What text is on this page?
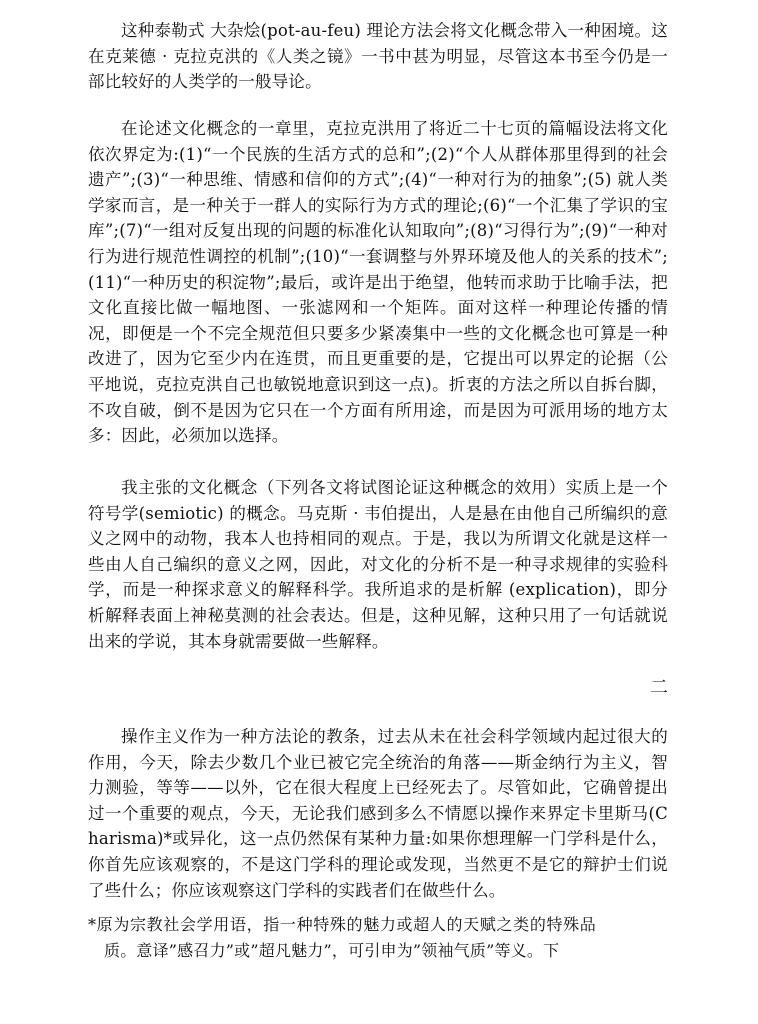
这种泰勒式 大杂烩(pot-au-feu) 理论方法会将文化概念带入一种困境。这在克莱德 · 克拉克洪的《人类之镜》一书中甚为明显，尽管这本书至今仍是一部比较好的人类学的一般导论。

在论述文化概念的一章里，克拉克洪用了将近二十七页的篇幅设法将文化依次界定为:(1)“一个民族的生活方式的总和”;(2)“个人从群体那里得到的社会遗产”;(3)“一种思维、情感和信仰的方式”;(4)“一种对行为的抽象”;(5) 就人类学家而言，是一种关于一群人的实际行为方式的理论;(6)“一个汇集了学识的宝库”;(7)“一组对反复出现的问题的标准化认知取向”;(8)“习得行为”;(9)“一种对行为进行规范性调控的机制”;(10)“一套调整与外界环境及他人的关系的技术”;(11)“一种历史的积淀物”;最后，或许是出于绝望，他转而求助于比喻手法，把文化直接比做一幅地图、一张滤网和一个矩阵。面对这样一种理论传播的情况，即便是一个不完全规范但只要多少紧凑集中一些的文化概念也可算是一种改进了，因为它至少内在连贯，而且更重要的是，它提出可以界定的论据（公平地说，克拉克洪自己也敏锐地意识到这一点)。折衷的方法之所以自拆台脚，不攻自破，倒不是因为它只在一个方面有所用途，而是因为可派用场的地方太多：因此，必须加以选择。

我主张的文化概念（下列各文将试图论证这种概念的效用）实质上是一个符号学(semiotic) 的概念。马克斯 · 韦伯提出，人是悬在由他自己所编织的意义之网中的动物，我本人也持相同的观点。于是，我以为所谓文化就是这样一些由人自己编织的意义之网，因此，对文化的分析不是一种寻求规律的实验科学，而是一种探求意义的解释科学。我所追求的是析解 (explication)，即分析解释表面上神秘莫测的社会表达。但是，这种见解，这种只用了一句话就说出来的学说，其本身就需要做一些解释。

二

操作主义作为一种方法论的教条，过去从未在社会科学领域内起过很大的作用，今天，除去少数几个业已被它完全统治的角落——斯金纳行为主义，智力测验，等等——以外，它在很大程度上已经死去了。尽管如此，它确曾提出过一个重要的观点，今天，无论我们感到多么不情愿以操作来界定卡里斯马(Charisma)*或异化，这一点仍然保有某种力量:如果你想理解一门学科是什么，你首先应该观察的，不是这门学科的理论或发现，当然更不是它的辩护士们说了些什么；你应该观察这门学科的实践者们在做些什么。

*原为宗教社会学用语，指一种特殊的魅力或超人的天赋之类的特殊品质。意译”感召力”或”超凡魅力”，可引申为”领袖气质”等义。下
